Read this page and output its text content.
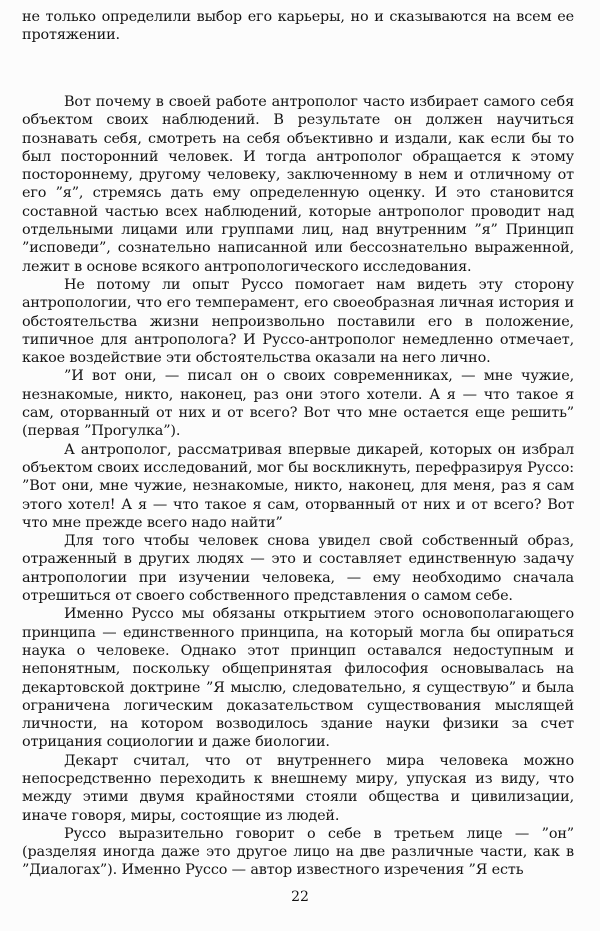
не только определили выбор его карьеры, но и сказываются на всем ее протяжении.

Вот почему в своей работе антрополог часто избирает самого себя объектом своих наблюдений. В результате он должен научиться познавать себя, смотреть на себя объективно и издали, как если бы то был посторонний человек. И тогда антрополог обращается к этому постороннему, другому человеку, заключенному в нем и отличному от его ”я”, стремясь дать ему определенную оценку. И это становится составной частью всех наблюдений, которые антрополог проводит над отдельными лицами или группами лиц, над внутренним ”я” Принцип ”исповеди”, сознательно написанной или бессознательно выраженной, лежит в основе всякого антропологического исследования.

Не потому ли опыт Руссо помогает нам видеть эту сторону антропологии, что его темперамент, его своеобразная личная история и обстоятельства жизни непроизвольно поставили его в положение, типичное для антрополога? И Руссо-антрополог немедленно отмечает, какое воздействие эти обстоятельства оказали на него лично.

”И вот они, — писал он о своих современниках, — мне чужие, незнакомые, никто, наконец, раз они этого хотели. А я — что такое я сам, оторванный от них и от всего? Вот что мне остается еще решить” (первая ”Прогулка”).

А антрополог, рассматривая впервые дикарей, которых он избрал объектом своих исследований, мог бы воскликнуть, перефразируя Руссо: ”Вот они, мне чужие, незнакомые, никто, наконец, для меня, раз я сам этого хотел! А я — что такое я сам, оторванный от них и от всего? Вот что мне прежде всего надо найти”

Для того чтобы человек снова увидел свой собственный образ, отраженный в других людях — это и составляет единственную задачу антропологии при изучении человека, — ему необходимо сначала отрешиться от своего собственного представления о самом себе.

Именно Руссо мы обязаны открытием этого основополагающего принципа — единственного принципа, на который могла бы опираться наука о человеке. Однако этот принцип оставался недоступным и непонятным, поскольку общепринятая философия основывалась на декартовской доктрине ”Я мыслю, следовательно, я существую” и была ограничена логическим доказательством существования мыслящей личности, на котором возводилось здание науки физики за счет отрицания социологии и даже биологии.

Декарт считал, что от внутреннего мира человека можно непосредственно переходить к внешнему миру, упуская из виду, что между этими двумя крайностями стояли общества и цивилизации, иначе говоря, миры, состоящие из людей.

Руссо выразительно говорит о себе в третьем лице — ”он” (разделяя иногда даже это другое лицо на две различные части, как в ”Диалогах”). Именно Руссо — автор известного изречения ”Я есть

22
